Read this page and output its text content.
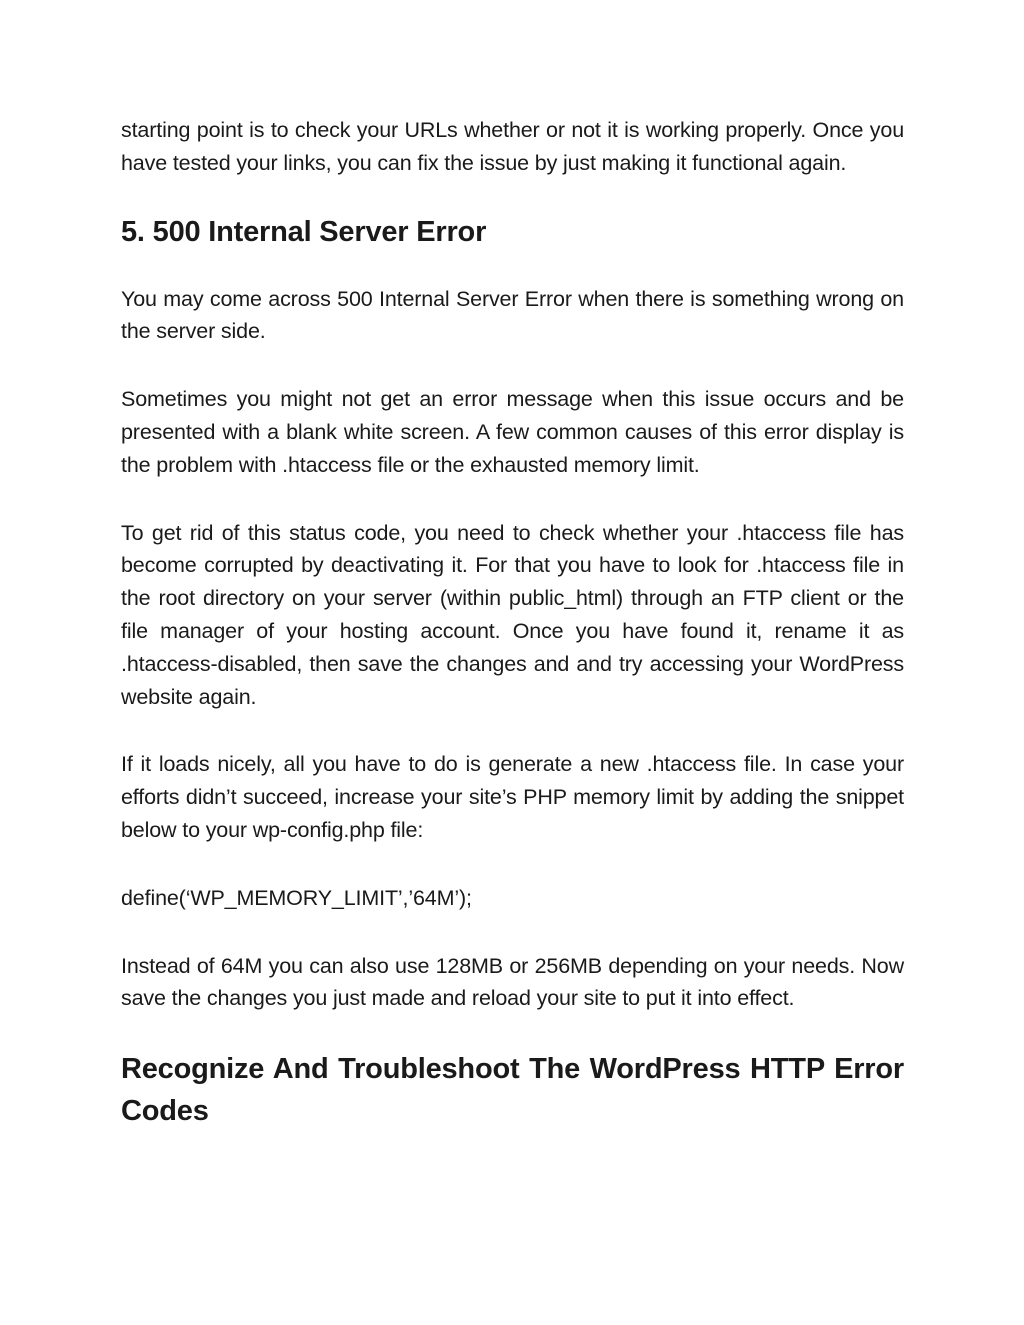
starting point is to check your URLs whether or not it is working properly. Once you have tested your links, you can fix the issue by just making it functional again.

5. 500 Internal Server Error

You may come across 500 Internal Server Error when there is something wrong on the server side.

Sometimes you might not get an error message when this issue occurs and be presented with a blank white screen. A few common causes of this error display is the problem with .htaccess file or the exhausted memory limit.

To get rid of this status code, you need to check whether your .htaccess file has become corrupted by deactivating it. For that you have to look for .htaccess file in the root directory on your server (within public_html) through an FTP client or the file manager of your hosting account. Once you have found it, rename it as .htaccess-disabled, then save the changes and and try accessing your WordPress website again.

If it loads nicely, all you have to do is generate a new .htaccess file. In case your efforts didn’t succeed, increase your site’s PHP memory limit by adding the snippet below to your wp-config.php file:

define(‘WP_MEMORY_LIMIT’,’64M’);

Instead of 64M you can also use 128MB or 256MB depending on your needs. Now save the changes you just made and reload your site to put it into effect.

Recognize And Troubleshoot The WordPress HTTP Error Codes
